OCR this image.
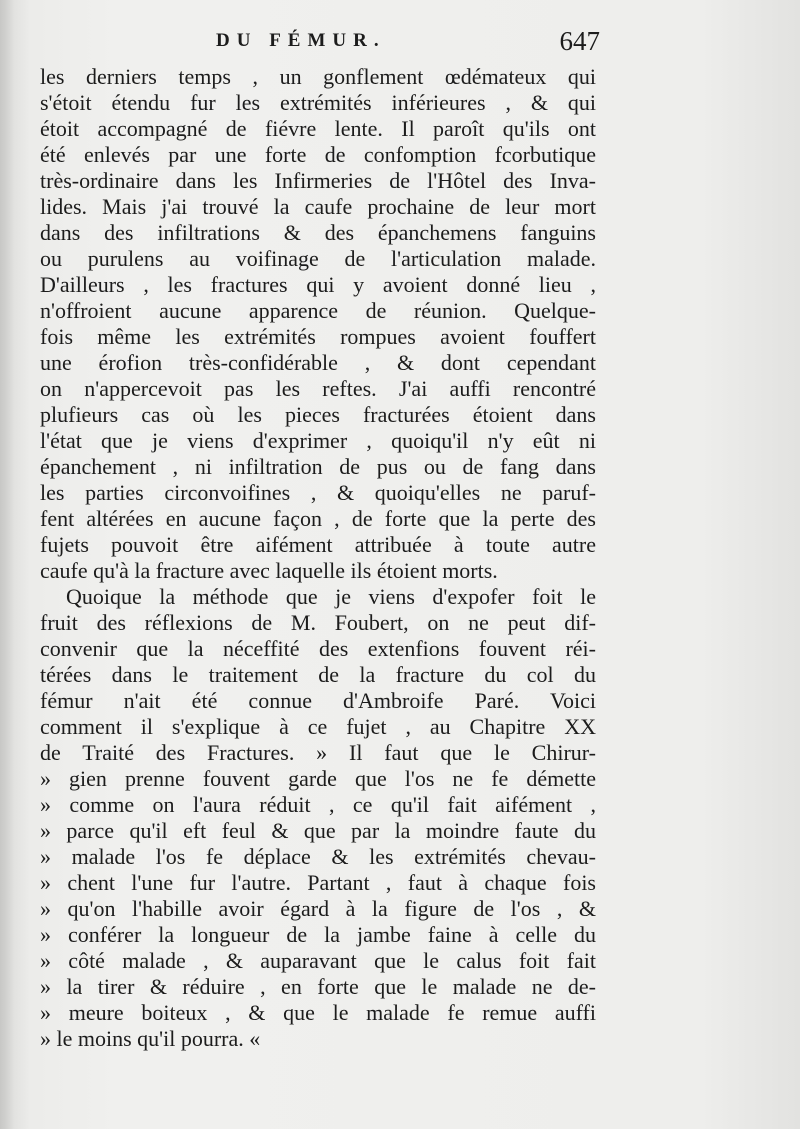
DU FÉMUR.	647
les derniers temps , un gonflement œdémateux qui
s'étoit étendu fur les extrémités inférieures , & qui
étoit accompagné de fiévre lente. Il paroît qu'ils ont
été enlevés par une forte de confomption fcorbutique
très-ordinaire dans les Infirmeries de l'Hôtel des Inva-
lides. Mais j'ai trouvé la caufe prochaine de leur mort
dans des infiltrations & des épanchemens fanguins
ou purulens au voifinage de l'articulation malade.
D'ailleurs , les fractures qui y avoient donné lieu ,
n'offroient aucune apparence de réunion. Quelque-
fois même les extrémités rompues avoient fouffert
une érofion très-confidérable , & dont cependant
on n'appercevoit pas les reftes. J'ai auffi rencontré
plufieurs cas où les pieces fracturées étoient dans
l'état que je viens d'exprimer , quoiqu'il n'y eût ni
épanchement , ni infiltration de pus ou de fang dans
les parties circonvoifines , & quoiqu'elles ne paruf-
fent altérées en aucune façon , de forte que la perte des
fujets pouvoit être aifément attribuée à toute autre
caufe qu'à la fracture avec laquelle ils étoient morts.
Quoique la méthode que je viens d'expofer foit le
fruit des réflexions de M. Foubert, on ne peut dif-
convenir que la néceffité des extenfions fouvent réi-
térées dans le traitement de la fracture du col du
fémur n'ait été connue d'Ambroife Paré. Voici
comment il s'explique à ce fujet , au Chapitre XX
de Traité des Fractures. » Il faut que le Chirur-
» gien prenne fouvent garde que l'os ne fe démette
» comme on l'aura réduit , ce qu'il fait aifément ,
» parce qu'il eft feul & que par la moindre faute du
» malade l'os fe déplace & les extrémités chevau-
» chent l'une fur l'autre. Partant , faut à chaque fois
» qu'on l'habille avoir égard à la figure de l'os , &
» conférer la longueur de la jambe faine à celle du
» côté malade , & auparavant que le calus foit fait
» la tirer & réduire , en forte que le malade ne de-
» meure boiteux , & que le malade fe remue auffi
» le moins qu'il pourra. «
